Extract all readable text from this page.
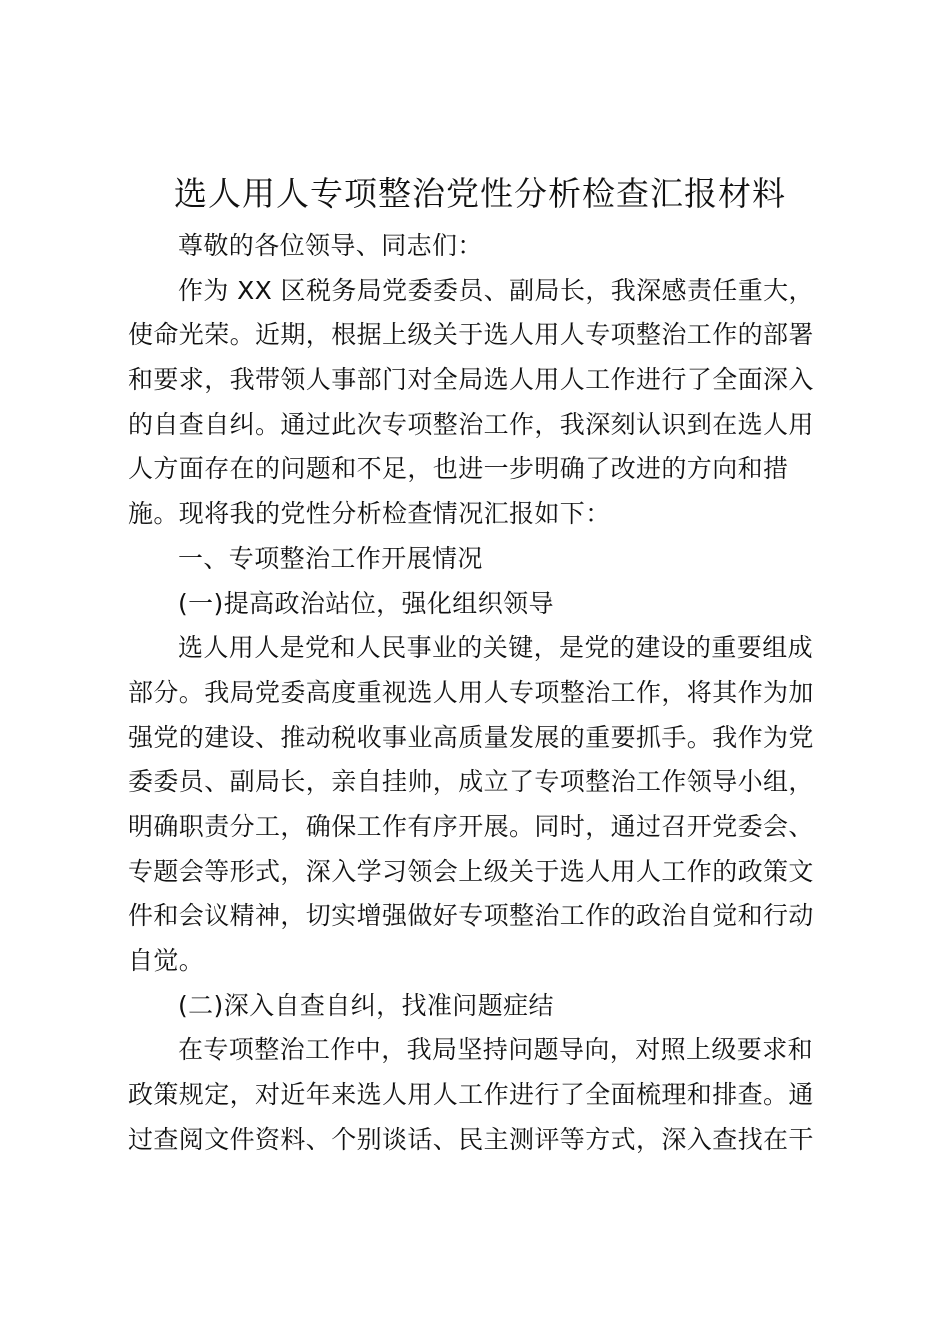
选人用人专项整治党性分析检查汇报材料
尊敬的各位领导、同志们：
作为 XX 区税务局党委委员、副局长，我深感责任重大，
使命光荣。近期，根据上级关于选人用人专项整治工作的部署
和要求，我带领人事部门对全局选人用人工作进行了全面深入
的自查自纠。通过此次专项整治工作，我深刻认识到在选人用
人方面存在的问题和不足，也进一步明确了改进的方向和措
施。现将我的党性分析检查情况汇报如下：
一、专项整治工作开展情况
(一)提高政治站位，强化组织领导
选人用人是党和人民事业的关键，是党的建设的重要组成
部分。我局党委高度重视选人用人专项整治工作，将其作为加
强党的建设、推动税收事业高质量发展的重要抓手。我作为党
委委员、副局长，亲自挂帅，成立了专项整治工作领导小组，
明确职责分工，确保工作有序开展。同时，通过召开党委会、
专题会等形式，深入学习领会上级关于选人用人工作的政策文
件和会议精神，切实增强做好专项整治工作的政治自觉和行动
自觉。
(二)深入自查自纠，找准问题症结
在专项整治工作中，我局坚持问题导向，对照上级要求和
政策规定，对近年来选人用人工作进行了全面梳理和排查。通
过查阅文件资料、个别谈话、民主测评等方式，深入查找在干
